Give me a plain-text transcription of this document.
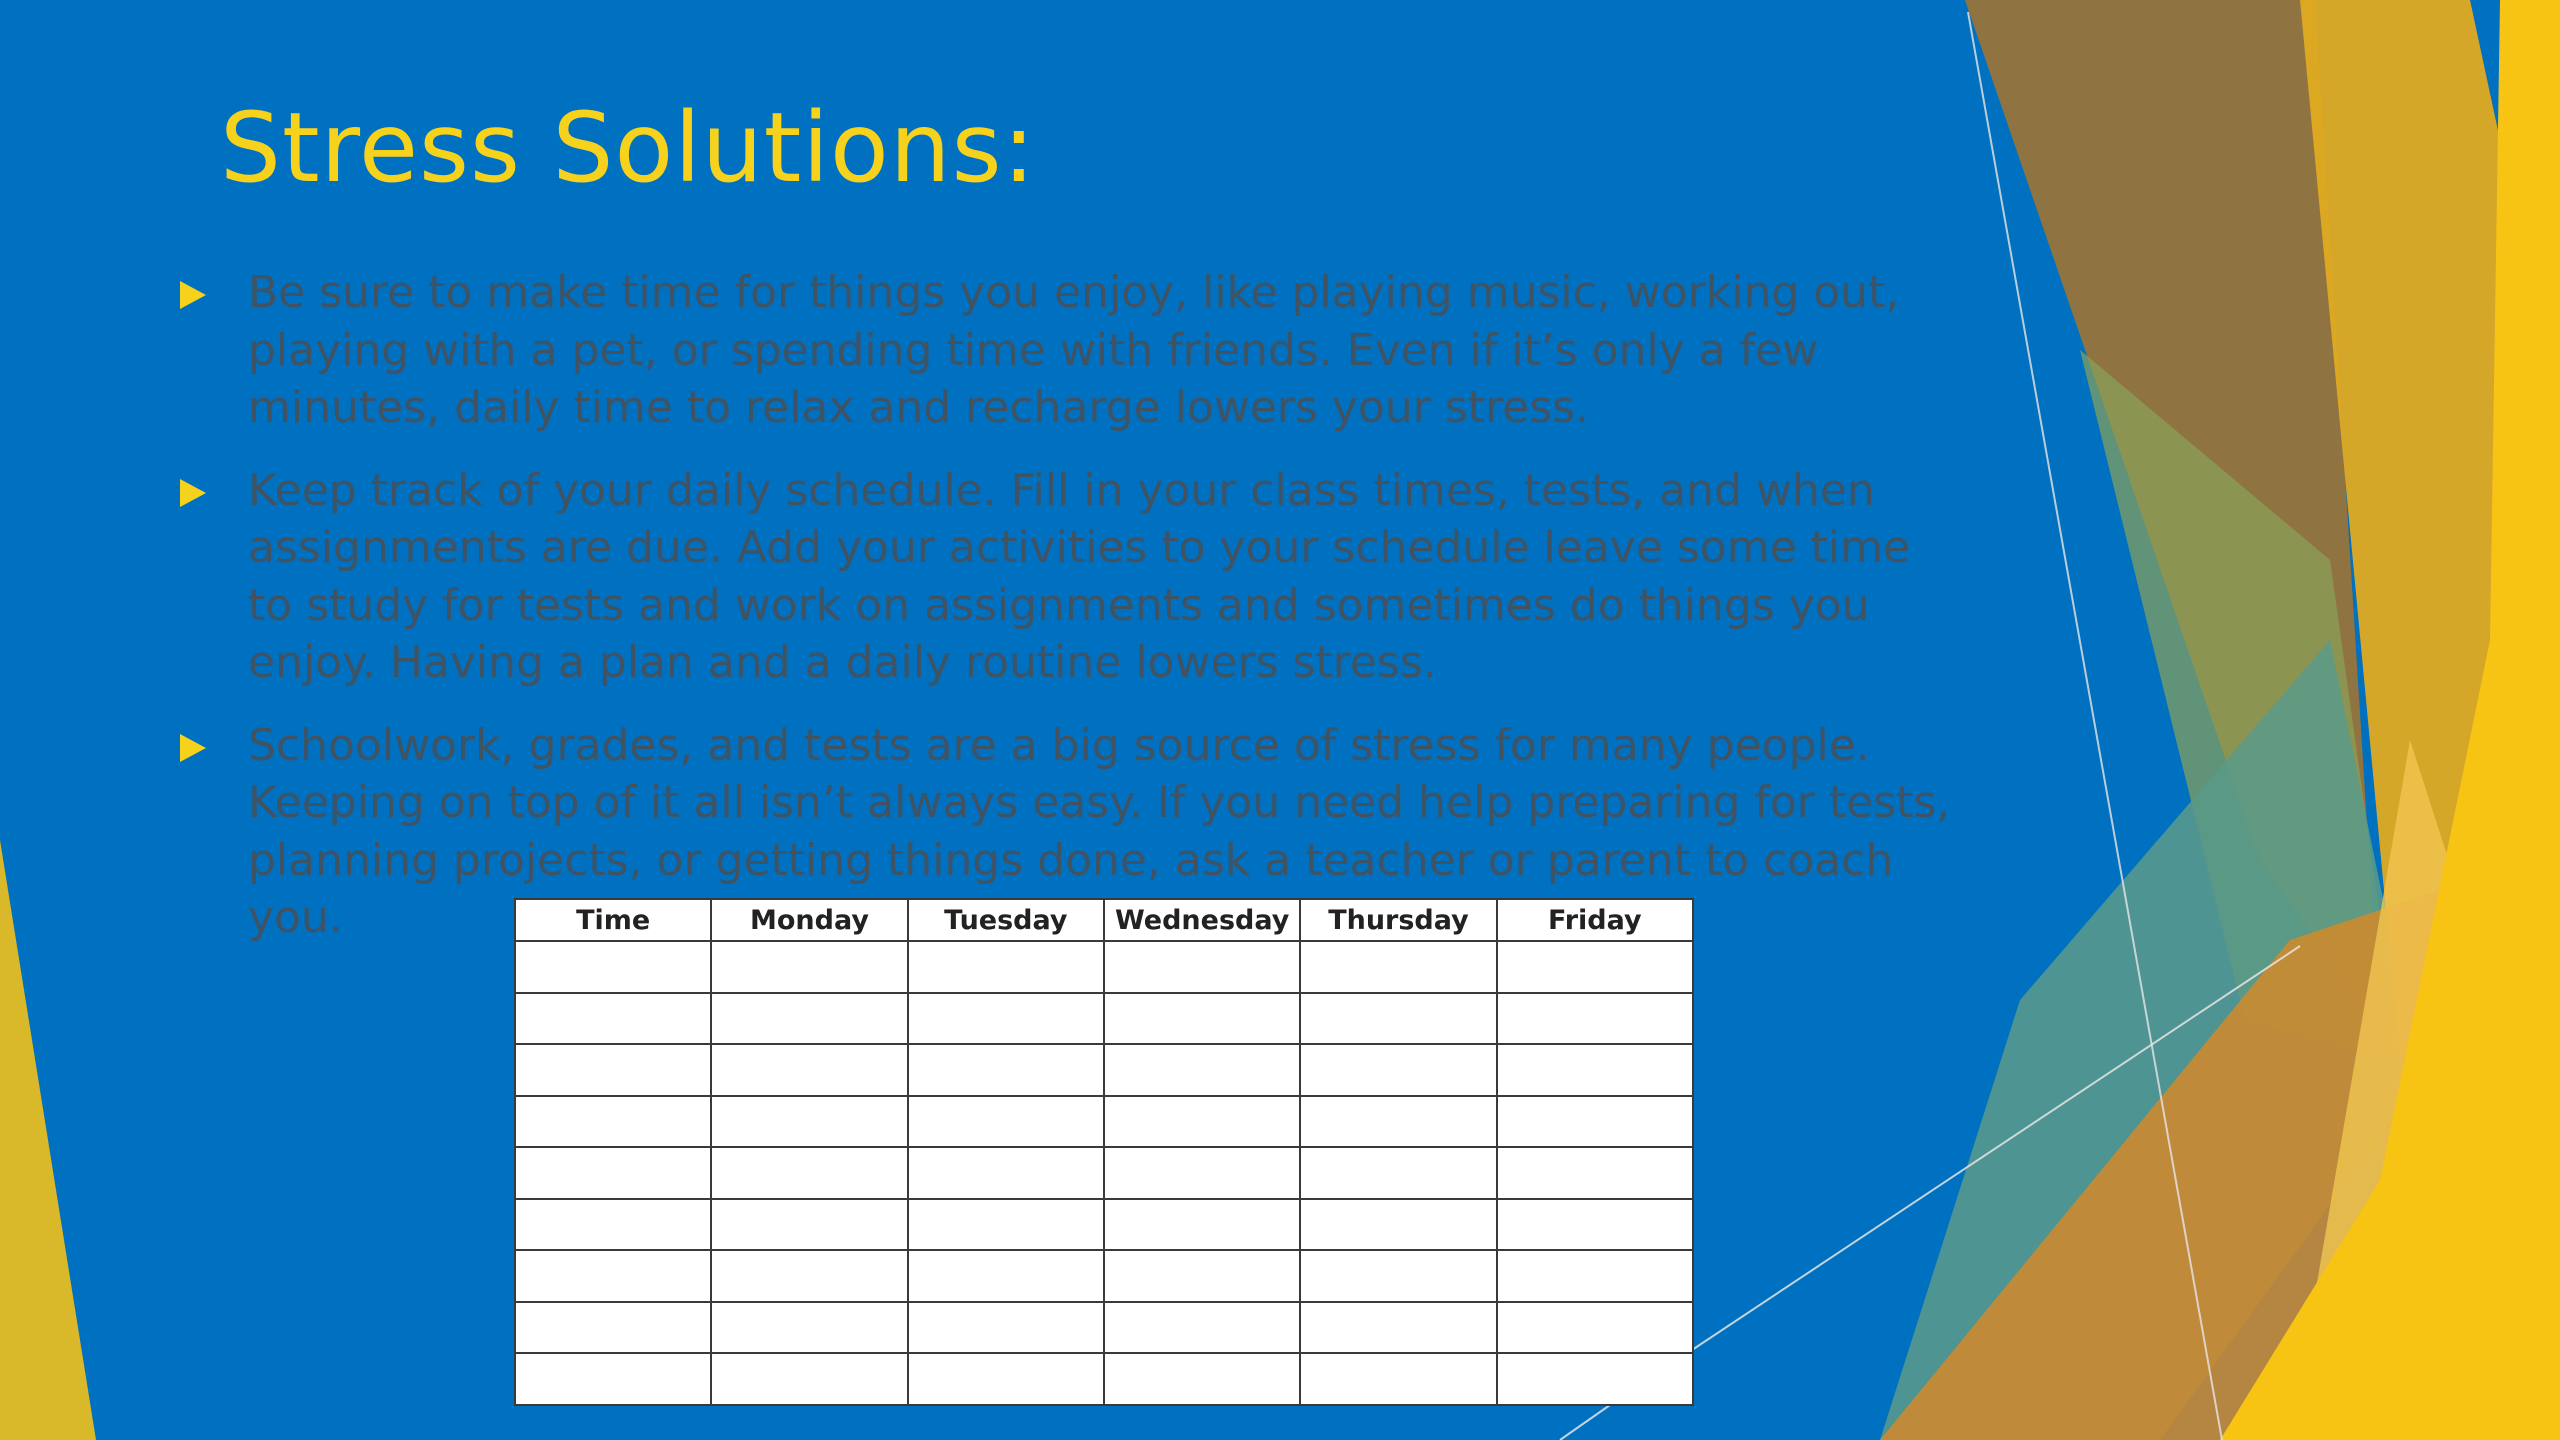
Stress Solutions:
Be sure to make time for things you enjoy, like playing music, working out, playing with a pet, or spending time with friends. Even if it’s only a few minutes, daily time to relax and recharge lowers your stress.
Keep track of your daily schedule. Fill in your class times, tests, and when assignments are due. Add your activities to your schedule leave some time to study for tests and work on assignments and sometimes do things you enjoy. Having a plan and a daily routine lowers stress.
Schoolwork, grades, and tests are a big source of stress for many people. Keeping on top of it all isn’t always easy. If you need help preparing for tests, planning projects, or getting things done, ask a teacher or parent to coach you.	Time	Monday	Tuesday	Wednesday	Thursday	Friday
